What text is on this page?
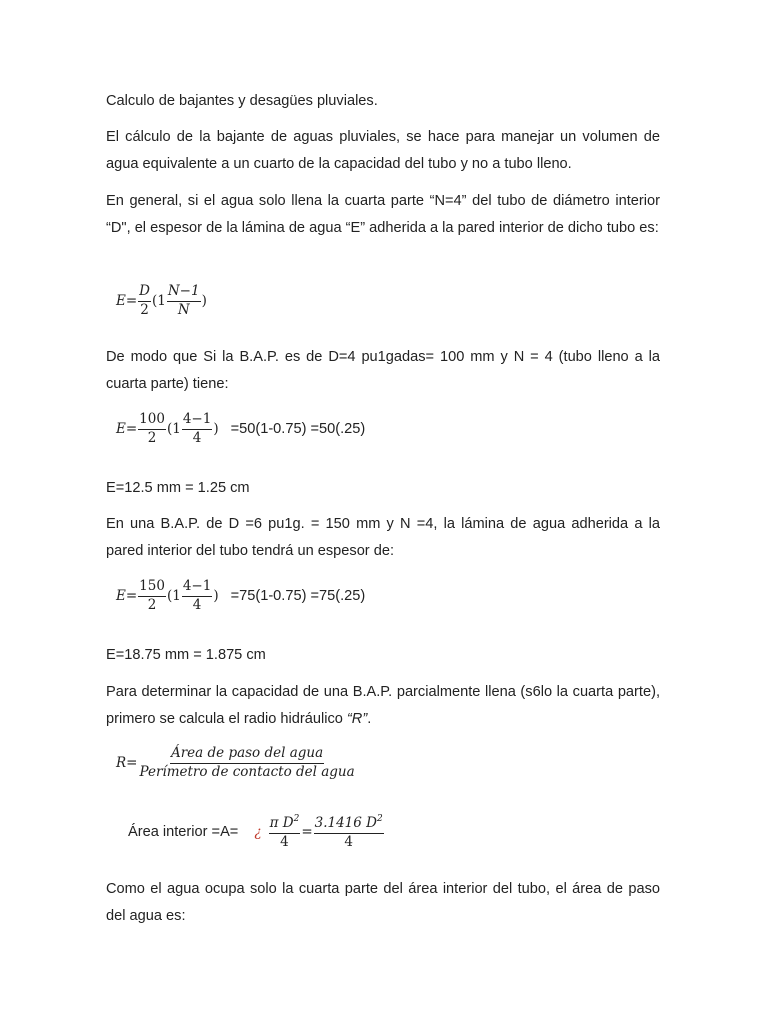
Calculo de bajantes y desagües pluviales.

El cálculo de la bajante de aguas pluviales, se hace para manejar un volumen de agua equivalente a un cuarto de la capacidad del tubo y no a tubo lleno.

En general, si el agua solo llena la cuarta parte “N=4” del tubo de diámetro interior “D", el espesor de la lámina de agua “E” adherida a la pared interior de dicho tubo es:

$E= \frac{D}{2} (1 \frac{N-1}{N}$ )

De modo que Si la B.A.P. es de D=4 pu1gadas= 100 mm y N = 4 (tubo lleno a la cuarta parte) tiene:

$E= \frac{100}{2} (1 \frac{4-1}{4}$ ) =50(1-0.75) =50(.25)

E=12.5 mm = 1.25 cm

En una B.A.P. de D =6 pu1g. = 150 mm y N =4, la lámina de agua adherida a la pared interior del tubo tendrá un espesor de:

$E= \frac{150}{2} (1 \frac{4-1}{4}$ ) =75(1-0.75) =75(.25)

E=18.75 mm = 1.875 cm

Para determinar la capacidad de una B.A.P. parcialmente llena (s6lo la cuarta parte), primero se calcula el radio hidráulico “R”.

$R= \frac{\text{Área de paso del agua}}{\text{Perímetro de contacto del agua}}$
Área interior =A= ¿ $\frac{\pi D^2}{4} = \frac{3.1416 D^2}{4}$

Como el agua ocupa solo la cuarta parte del área interior del tubo, el área de paso del agua es:
